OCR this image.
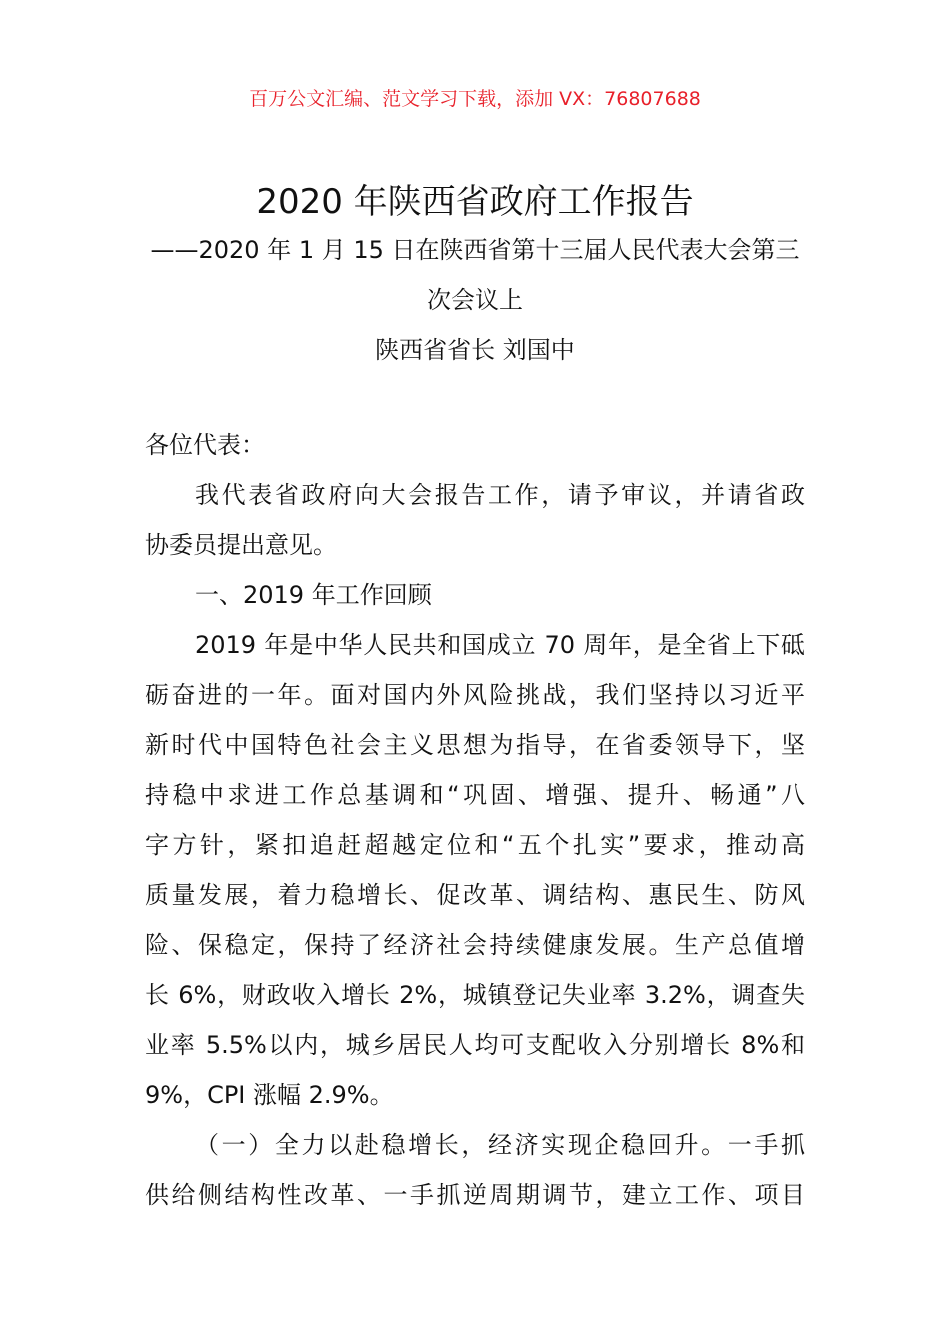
百万公文汇编、范文学习下载，添加 VX：76807688
2020 年陕西省政府工作报告
——2020 年 1 月 15 日在陕西省第十三届人民代表大会第三
次会议上
陕西省省长 刘国中
各位代表：
我代表省政府向大会报告工作，请予审议，并请省政
协委员提出意见。
一、2019 年工作回顾
2019 年是中华人民共和国成立 70 周年，是全省上下砥
砺奋进的一年。面对国内外风险挑战，我们坚持以习近平
新时代中国特色社会主义思想为指导，在省委领导下，坚
持稳中求进工作总基调和“巩固、增强、提升、畅通”八
字方针，紧扣追赶超越定位和“五个扎实”要求，推动高
质量发展，着力稳增长、促改革、调结构、惠民生、防风
险、保稳定，保持了经济社会持续健康发展。生产总值增
长 6%，财政收入增长 2%，城镇登记失业率 3.2%，调查失
业率 5.5%以内，城乡居民人均可支配收入分别增长 8%和
9%，CPI 涨幅 2.9%。
（一）全力以赴稳增长，经济实现企稳回升。一手抓
供给侧结构性改革、一手抓逆周期调节，建立工作、项目
